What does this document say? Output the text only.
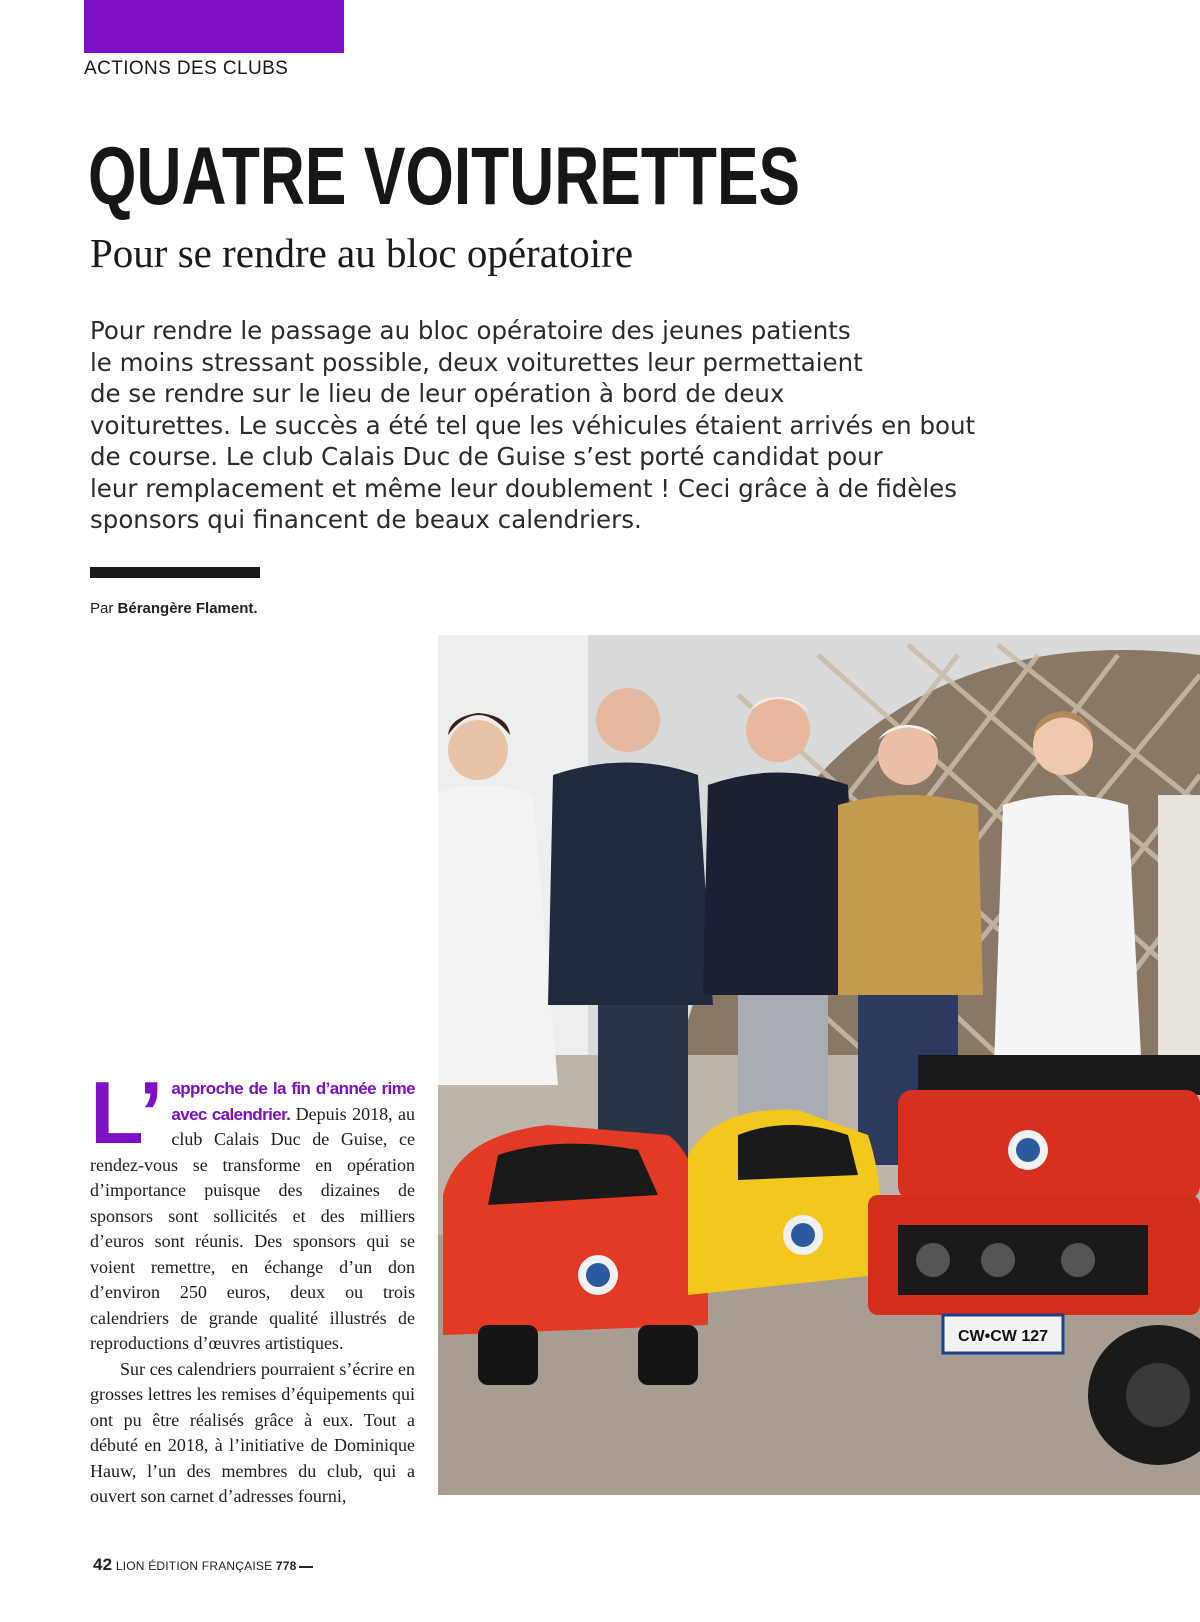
ACTIONS DES CLUBS
QUATRE VOITURETTES
Pour se rendre au bloc opératoire
Pour rendre le passage au bloc opératoire des jeunes patients
le moins stressant possible, deux voiturettes leur permettaient
de se rendre sur le lieu de leur opération à bord de deux
voiturettes. Le succès a été tel que les véhicules étaient arrivés en bout
de course. Le club Calais Duc de Guise s’est porté candidat pour
leur remplacement et même leur doublement ! Ceci grâce à de fidèles
sponsors qui financent de beaux calendriers.
Par Bérangère Flament.
CW•CW 127

L’ approche de la fin d’année rime avec calendrier. Depuis 2018, au club Calais Duc de Guise, ce rendez-vous se transforme en opération d’importance puisque des dizaines de sponsors sont sollicités et des milliers d’euros sont réunis. Des sponsors qui se voient remettre, en échange d’un don d’environ 250 euros, deux ou trois calendriers de grande qualité illustrés de reproductions d’œuvres artistiques.

Sur ces calendriers pourraient s’écrire en grosses lettres les remises d’équipements qui ont pu être réalisés grâce à eux. Tout a débuté en 2018, à l’initiative de Dominique Hauw, l’un des membres du club, qui a ouvert son carnet d’adresses fourni,

42 LION ÉDITION FRANÇAISE 778
